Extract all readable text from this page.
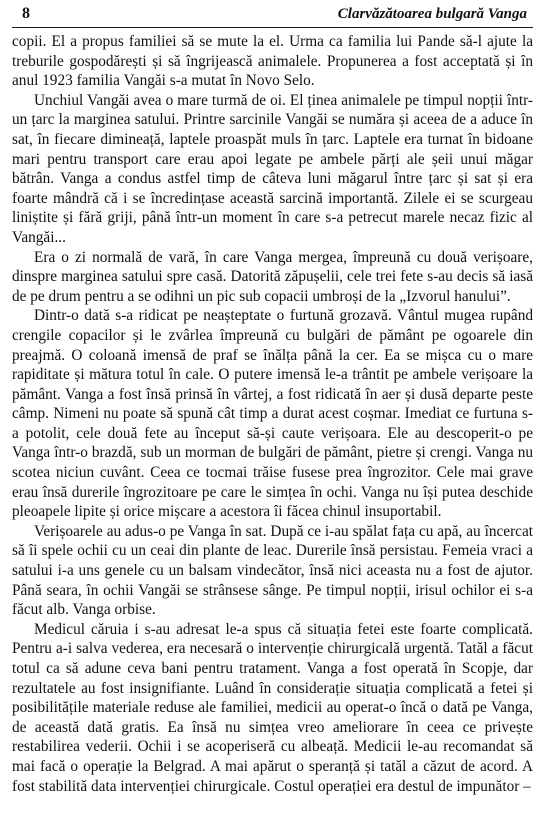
8	Clarvăzătoarea bulgară Vanga

copii. El a propus familiei să se mute la el. Urma ca familia lui Pande să-l ajute la treburile gospodărești și să îngrijească animalele. Propunerea a fost acceptată și în anul 1923 familia Vangăi s-a mutat în Novo Selo.

Unchiul Vangăi avea o mare turmă de oi. El ținea animalele pe timpul nopții într-un țarc la marginea satului. Printre sarcinile Vangăi se număra și aceea de a aduce în sat, în fiecare dimineață, laptele proaspăt muls în țarc. Laptele era turnat în bidoane mari pentru transport care erau apoi legate pe ambele părți ale șeii unui măgar bătrân. Vanga a condus astfel timp de câteva luni măgarul între țarc și sat și era foarte mândră că i se încredințase această sarcină importantă. Zilele ei se scurgeau liniștite și fără griji, până într-un moment în care s-a petrecut marele necaz fizic al Vangăi...

Era o zi normală de vară, în care Vanga mergea, împreună cu două verișoare, dinspre marginea satului spre casă. Datorită zăpușelii, cele trei fete s-au decis să iasă de pe drum pentru a se odihni un pic sub copacii umbroși de la „Izvorul hanului”.

Dintr-o dată s-a ridicat pe neașteptate o furtună grozavă. Vântul mugea rupând crengile copacilor și le zvârlea împreună cu bulgări de pământ pe ogoarele din preajmă. O coloană imensă de praf se înălța până la cer. Ea se mișca cu o mare rapiditate și mătura totul în cale. O putere imensă le-a trântit pe ambele verișoare la pământ. Vanga a fost însă prinsă în vârtej, a fost ridicată în aer și dusă departe peste câmp. Nimeni nu poate să spună cât timp a durat acest coșmar. Imediat ce furtuna s-a potolit, cele două fete au început să-și caute verișoara. Ele au descoperit-o pe Vanga într-o brazdă, sub un morman de bulgări de pământ, pietre și crengi. Vanga nu scotea niciun cuvânt. Ceea ce tocmai trăise fusese prea îngrozitor. Cele mai grave erau însă durerile îngrozitoare pe care le simțea în ochi. Vanga nu își putea deschide pleoapele lipite și orice mișcare a acestora îi făcea chinul insuportabil.

Verișoarele au adus-o pe Vanga în sat. După ce i-au spălat fața cu apă, au încercat să îi spele ochii cu un ceai din plante de leac. Durerile însă persistau. Femeia vraci a satului i-a uns genele cu un balsam vindecător, însă nici aceasta nu a fost de ajutor. Până seara, în ochii Vangăi se strânsese sânge. Pe timpul nopții, irisul ochilor ei s-a făcut alb. Vanga orbise.

Medicul căruia i s-au adresat le-a spus că situația fetei este foarte complicată. Pentru a-i salva vederea, era necesară o intervenție chirurgicală urgentă. Tatăl a făcut totul ca să adune ceva bani pentru tratament. Vanga a fost operată în Scopje, dar rezultatele au fost insignifiante. Luând în considerație situația complicată a fetei și posibilitățile materiale reduse ale familiei, medicii au operat-o încă o dată pe Vanga, de această dată gratis. Ea însă nu simțea vreo ameliorare în ceea ce privește restabilirea vederii. Ochii i se acoperiseră cu albeață. Medicii le-au recomandat să mai facă o operație la Belgrad. A mai apărut o speranță și tatăl a căzut de acord. A fost stabilită data intervenției chirurgicale. Costul operației era destul de impunător –
